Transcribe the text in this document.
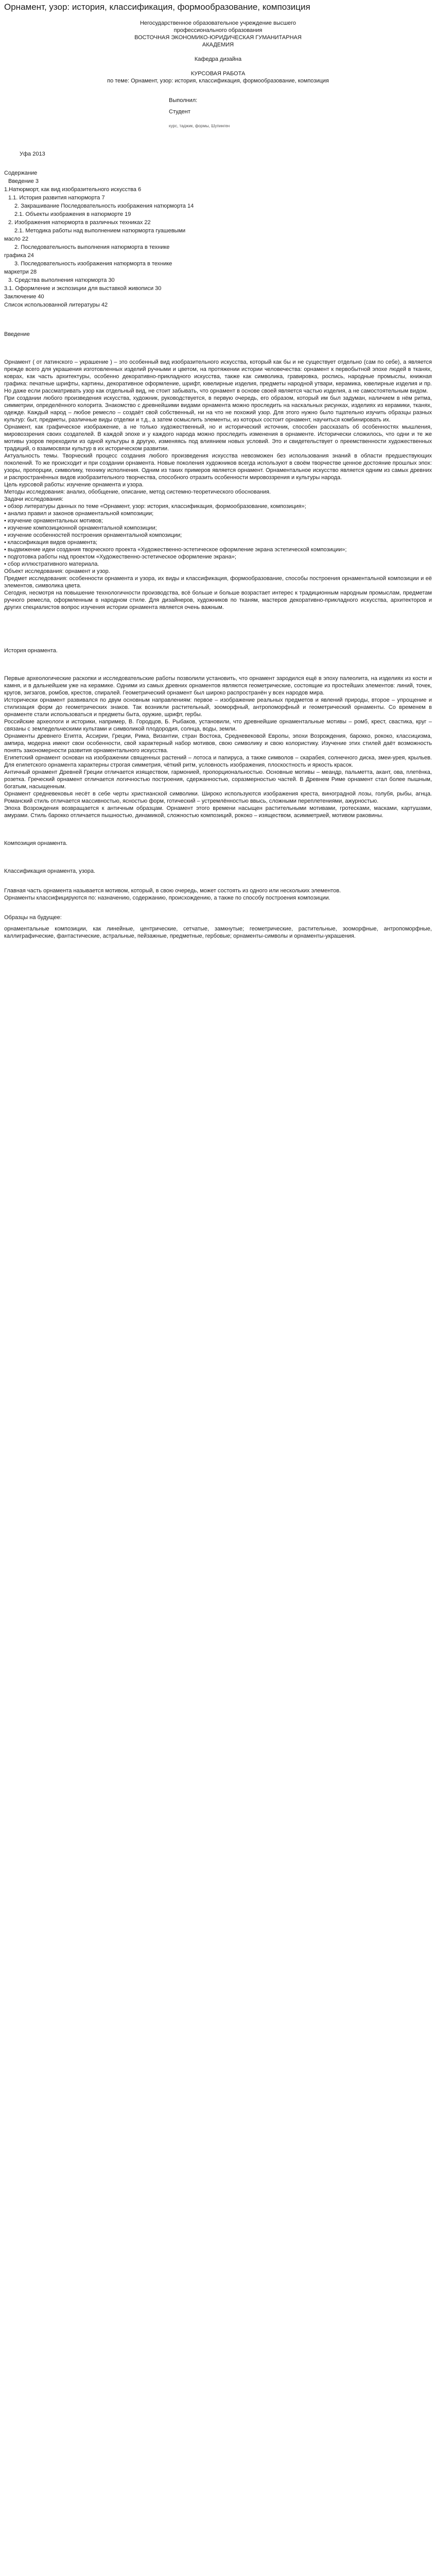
Орнамент, узор: история, классификация, формообразование, композиция
Негосударственное образовательное учреждение высшего
профессионального образования
ВОСТОЧНАЯ ЭКОНОМИКО-ЮРИДИЧЕСКАЯ ГУМАНИТАРНАЯ
АКАДЕМИЯ
Кафедра дизайна
КУРСОВАЯ РАБОТА
по теме: Орнамент, узор: история, классификация, формообразование, композиция
Выполнил:
Студент
курс, таджик, формы, Шупинген
Уфа 2013

Содержание

Введение 3

1.Натюрморт, как вид изобразительного искусства 6

1.1. История развития натюрморта 7

2. Закрашивание Последовательность изображения натюрморта 14

2.1. Объекты изображения в натюрморте 19

2. Изображения натюрморта в различных техниках 22

2.1. Методика работы над выполнением натюрморта гуашевыми

масло 22

2. Последовательность выполнения натюрморта в технике

графика 24

3. Последовательность изображения натюрморта в технике

маркетри 28

3. Средства выполнения натюрморта 30

3.1. Оформление и экспозиции для выставкой живописи 30

Заключение 40

Список использованной литературы 42

Введение

Орнамент ( от латинского – украшение ) – это особенный вид изобразительного искусства, который как бы и не существует отдельно (сам по себе), а является прежде всего для украшения изготовленных изделий ручными и цветом, на протяжении истории человечества: орнамент к первобытной эпохе людей в тканях, коврах, как часть архитектуры, особенно декоративно-прикладного искусства, также как символика, гравировка, роспись, народные промыслы, книжная графика: печатные шрифты, картины, декоративное оформление, шрифт, ювелирные изделия, предметы народной утвари, керамика, ювелирные изделия и пр. Но даже если рассматривать узор как отдельный вид, не стоит забывать, что орнамент в основе своей является частью изделия, а не самостоятельным видом.

При создании любого произведения искусства, художник, руководствуется, в первую очередь, его образом, который им был задуман, наличием в нём ритма, симметрии, определённого колорита. Знакомство с древнейшими видами орнамента можно проследить на наскальных рисунках, изделиях из керамики, тканях, одежде. Каждый народ – любое ремесло – создаёт свой собственный, ни на что не похожий узор. Для этого нужно было тщательно изучить образцы разных культур: быт, предметы, различные виды отделки и т.д., а затем осмыслить элементы, из которых состоит орнамент, научиться комбинировать их.

Орнамент, как графическое изображение, а не только художественный, но и исторический источник, способен рассказать об особенностях мышления, мировоззрения своих создателей. В каждой эпохе и у каждого народа можно проследить изменения в орнаменте. Исторически сложилось, что одни и те же мотивы узоров переходили из одной культуры в другую, изменяясь под влиянием новых условий. Это и свидетельствует о преемственности художественных традиций, о взаимосвязи культур в их историческом развитии.

Актуальность темы. Творческий процесс создания любого произведения искусства невозможен без использования знаний в области предшествующих поколений. То же происходит и при создании орнамента. Новые поколения художников всегда используют в своём творчестве ценное достояние прошлых эпох: узоры, пропорции, символику, технику исполнения. Одним из таких примеров является орнамент. Орнаментальное искусство является одним из самых древних и распространённых видов изобразительного творчества, способного отразить особенности мировоззрения и культуры народа.

Цель курсовой работы: изучение орнамента и узора.

Методы исследования: анализ, обобщение, описание, метод системно-теоретического обоснования.

Задачи исследования:

• обзор литературы данных по теме «Орнамент, узор: история, классификация, формообразование, композиция»;

• анализ правил и законов орнаментальной композиции;

• изучение орнаментальных мотивов;

• изучение композиционной орнаментальной композиции;

• изучение особенностей построения орнаментальной композиции;

• классификация видов орнамента;

• выдвижение идеи создания творческого проекта «Художественно-эстетическое оформление экрана эстетической композиции»;

• подготовка работы над проектом «Художественно-эстетическое оформление экрана»;

• сбор иллюстративного материала.

Объект исследования: орнамент и узор.

Предмет исследования: особенности орнамента и узора, их виды и классификация, формообразование, способы построения орнаментальной композиции и её элементов, символика цвета.

Сегодня, несмотря на повышение технологичности производства, всё больше и больше возрастает интерес к традиционным народным промыслам, предметам ручного ремесла, оформленным в народном стиле. Для дизайнеров, художников по тканям, мастеров декоративно-прикладного искусства, архитекторов и других специалистов вопрос изучения истории орнамента является очень важным.

История орнамента.

Первые археологические раскопки и исследовательские работы позволили установить, что орнамент зародился ещё в эпоху палеолита, на изделиях из кости и камня, и в дальнейшем уже на керамике. Одними из самых древних орнаментов являются геометрические, состоящие из простейших элементов: линий, точек, кругов, зигзагов, ромбов, крестов, спиралей. Геометрический орнамент был широко распространён у всех народов мира.

Исторически орнамент развивался по двум основным направлениям: первое – изображение реальных предметов и явлений природы, второе – упрощение и стилизация форм до геометрических знаков. Так возникли растительный, зооморфный, антропоморфный и геометрический орнаменты. Со временем в орнаменте стали использоваться и предметы быта, оружие, шрифт, гербы.

Российские археологи и историки, например, В. Городцов, Б. Рыбаков, установили, что древнейшие орнаментальные мотивы – ромб, крест, свастика, круг – связаны с земледельческими культами и символикой плодородия, солнца, воды, земли.

Орнаменты древнего Египта, Ассирии, Греции, Рима, Византии, стран Востока, Средневековой Европы, эпохи Возрождения, барокко, рококо, классицизма, ампира, модерна имеют свои особенности, свой характерный набор мотивов, свою символику и свою колористику. Изучение этих стилей даёт возможность понять закономерности развития орнаментального искусства.

Египетский орнамент основан на изображении священных растений – лотоса и папируса, а также символов – скарабея, солнечного диска, змеи-урея, крыльев. Для египетского орнамента характерны строгая симметрия, чёткий ритм, условность изображения, плоскостность и яркость красок.

Античный орнамент Древней Греции отличается изяществом, гармонией, пропорциональностью. Основные мотивы – меандр, пальметта, акант, ова, плетёнка, розетка. Греческий орнамент отличается логичностью построения, сдержанностью, соразмерностью частей. В Древнем Риме орнамент стал более пышным, богатым, насыщенным.

Орнамент средневековья несёт в себе черты христианской символики. Широко используются изображения креста, виноградной лозы, голубя, рыбы, агнца. Романский стиль отличается массивностью, ясностью форм, готический – устремлённостью ввысь, сложными переплетениями, ажурностью.

Эпоха Возрождения возвращается к античным образцам. Орнамент этого времени насыщен растительными мотивами, гротесками, масками, картушами, амурами. Стиль барокко отличается пышностью, динамикой, сложностью композиций, рококо – изяществом, асимметрией, мотивом раковины.

Композиция орнамента.

Классификация орнамента, узора.

Главная часть орнамента называется мотивом, который, в свою очередь, может состоять из одного или нескольких элементов.

Орнаменты классифицируются по: назначению, содержанию, происхождению, а также по способу построения композиции.

Образцы на будущее:

орнаментальные композиции, как линейные, центрические, сетчатые, замкнутые; геометрические, растительные, зооморфные, антропоморфные, каллиграфические, фантастические, астральные, пейзажные, предметные, гербовые; орнаменты-символы и орнаменты-украшения.
